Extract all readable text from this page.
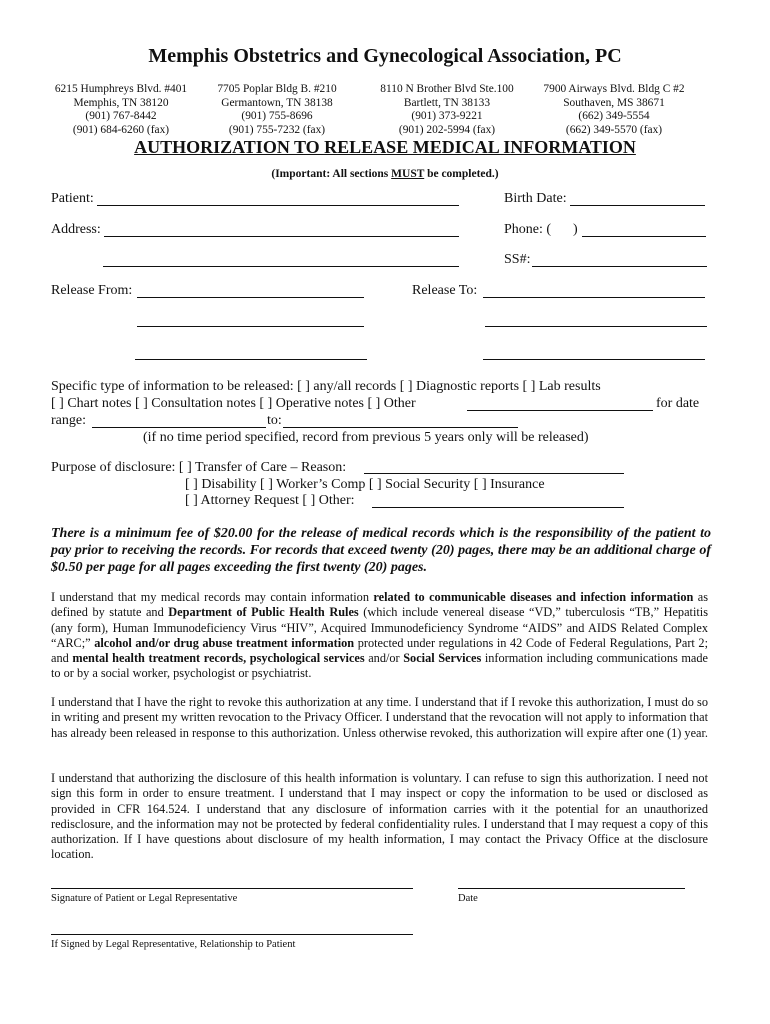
Memphis Obstetrics and Gynecological Association, PC
6215 Humphreys Blvd. #401
Memphis, TN 38120
(901) 767-8442
(901) 684-6260 (fax)
7705 Poplar Bldg B. #210
Germantown, TN 38138
(901) 755-8696
(901) 755-7232 (fax)
8110 N Brother Blvd Ste.100
Bartlett, TN 38133
(901) 373-9221
(901) 202-5994 (fax)
7900 Airways Blvd. Bldg C #2
Southaven, MS 38671
(662) 349-5554
(662) 349-5570 (fax)
AUTHORIZATION TO RELEASE MEDICAL INFORMATION
(Important: All sections MUST be completed.)
Patient:	Birth Date:
Address:	Phone: ( )
SS#:
Release From:	Release To:
Specific type of information to be released: [ ] any/all records [ ] Diagnostic reports [ ] Lab results
[ ] Chart notes [ ] Consultation notes [ ] Operative notes [ ] Other	for date
range:	to:
(if no time period specified, record from previous 5 years only will be released)
Purpose of disclosure: [ ] Transfer of Care – Reason:
[ ] Disability [ ] Worker’s Comp [ ] Social Security [ ] Insurance
[ ] Attorney Request [ ] Other:
There is a minimum fee of $20.00 for the release of medical records which is the responsibility of the patient to pay prior to receiving the records. For records that exceed twenty (20) pages, there may be an additional charge of $0.50 per page for all pages exceeding the first twenty (20) pages.
I understand that my medical records may contain information related to communicable diseases and infection information as defined by statute and Department of Public Health Rules (which include venereal disease “VD,” tuberculosis “TB,” Hepatitis (any form), Human Immunodeficiency Virus “HIV”, Acquired Immunodeficiency Syndrome “AIDS” and AIDS Related Complex “ARC;” alcohol and/or drug abuse treatment information protected under regulations in 42 Code of Federal Regulations, Part 2; and mental health treatment records, psychological services and/or Social Services information including communications made to or by a social worker, psychologist or psychiatrist.
I understand that I have the right to revoke this authorization at any time. I understand that if I revoke this authorization, I must do so in writing and present my written revocation to the Privacy Officer. I understand that the revocation will not apply to information that has already been released in response to this authorization. Unless otherwise revoked, this authorization will expire after one (1) year.
I understand that authorizing the disclosure of this health information is voluntary. I can refuse to sign this authorization. I need not sign this form in order to ensure treatment. I understand that I may inspect or copy the information to be used or disclosed as provided in CFR 164.524. I understand that any disclosure of information carries with it the potential for an unauthorized redisclosure, and the information may not be protected by federal confidentiality rules. I understand that I may request a copy of this authorization. If I have questions about disclosure of my health information, I may contact the Privacy Office at the disclosure location.
Signature of Patient or Legal Representative	Date
If Signed by Legal Representative, Relationship to Patient
